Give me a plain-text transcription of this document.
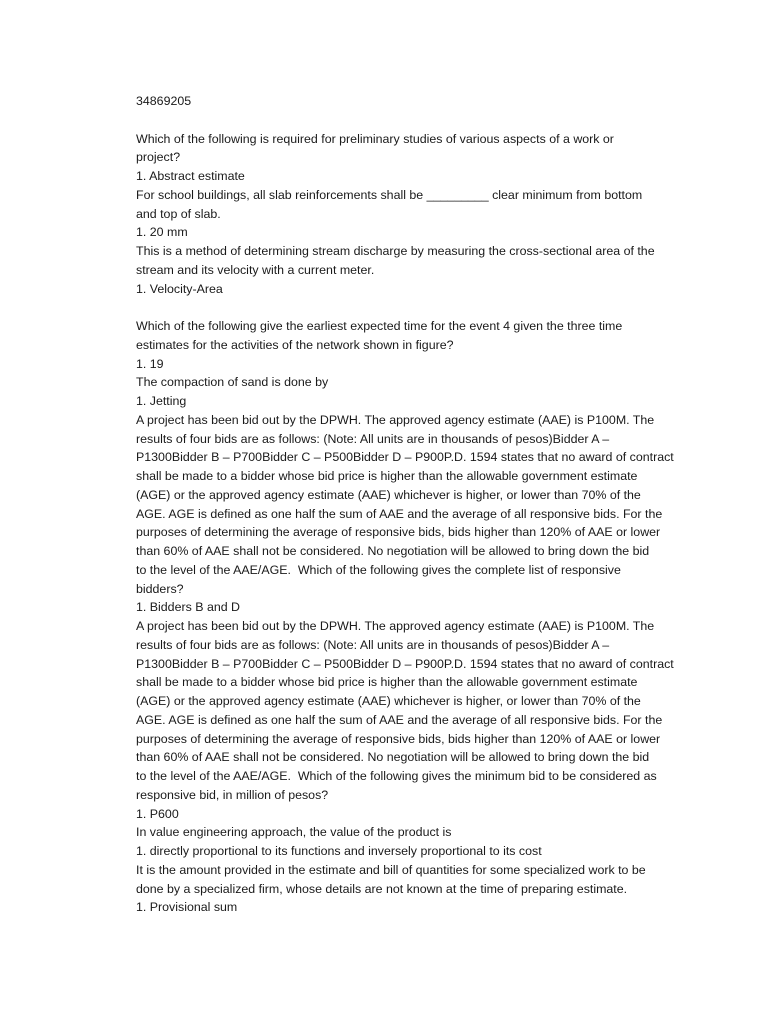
34869205
Which of the following is required for preliminary studies of various aspects of a work or
project?
1. Abstract estimate
For school buildings, all slab reinforcements shall be _________ clear minimum from bottom
and top of slab.
1. 20 mm
This is a method of determining stream discharge by measuring the cross-sectional area of the
stream and its velocity with a current meter.
1. Velocity-Area
Which of the following give the earliest expected time for the event 4 given the three time
estimates for the activities of the network shown in figure?
1. 19
The compaction of sand is done by
1. Jetting
A project has been bid out by the DPWH. The approved agency estimate (AAE) is P100M. The
results of four bids are as follows: (Note: All units are in thousands of pesos)Bidder A –
P1300Bidder B – P700Bidder C – P500Bidder D – P900P.D. 1594 states that no award of contract
shall be made to a bidder whose bid price is higher than the allowable government estimate
(AGE) or the approved agency estimate (AAE) whichever is higher, or lower than 70% of the
AGE. AGE is defined as one half the sum of AAE and the average of all responsive bids. For the
purposes of determining the average of responsive bids, bids higher than 120% of AAE or lower
than 60% of AAE shall not be considered. No negotiation will be allowed to bring down the bid
to the level of the AAE/AGE.  Which of the following gives the complete list of responsive
bidders?
1. Bidders B and D
A project has been bid out by the DPWH. The approved agency estimate (AAE) is P100M. The
results of four bids are as follows: (Note: All units are in thousands of pesos)Bidder A –
P1300Bidder B – P700Bidder C – P500Bidder D – P900P.D. 1594 states that no award of contract
shall be made to a bidder whose bid price is higher than the allowable government estimate
(AGE) or the approved agency estimate (AAE) whichever is higher, or lower than 70% of the
AGE. AGE is defined as one half the sum of AAE and the average of all responsive bids. For the
purposes of determining the average of responsive bids, bids higher than 120% of AAE or lower
than 60% of AAE shall not be considered. No negotiation will be allowed to bring down the bid
to the level of the AAE/AGE.  Which of the following gives the minimum bid to be considered as
responsive bid, in million of pesos?
1. P600
In value engineering approach, the value of the product is
1. directly proportional to its functions and inversely proportional to its cost
It is the amount provided in the estimate and bill of quantities for some specialized work to be
done by a specialized firm, whose details are not known at the time of preparing estimate.
1. Provisional sum
